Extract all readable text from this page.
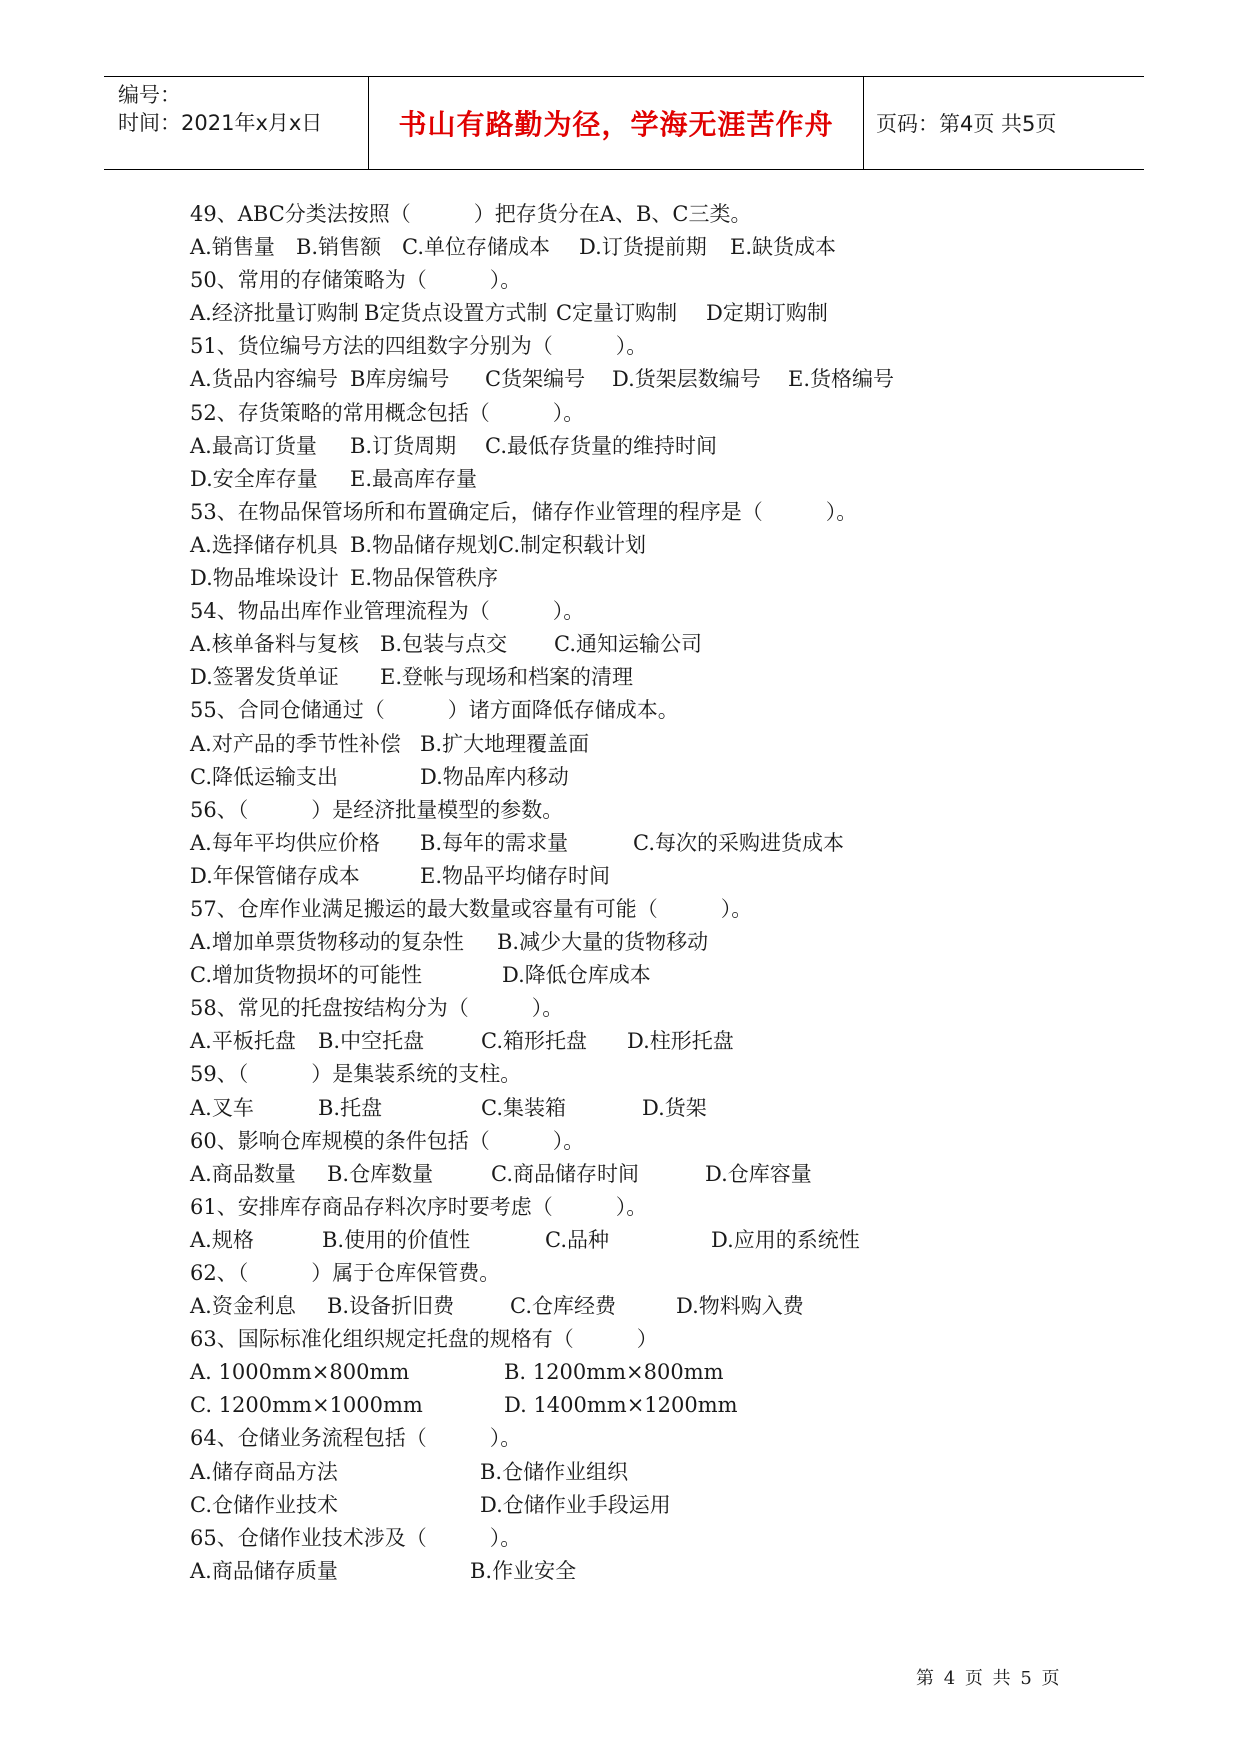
编号：
时间：2021年x月x日	书山有路勤为径，学海无涯苦作舟 页码：第4页 共5页
49、ABC分类法按照（　　　）把存货分在A、B、C三类。
A.销售量 B.销售额 C.单位存储成本 D.订货提前期 E.缺货成本
50、常用的存储策略为（　　　）。
A.经济批量订购制 B定货点设置方式制 C定量订购制 D定期订购制
51、货位编号方法的四组数字分别为（　　　）。
A.货品内容编号 B库房编号 C货架编号 D.货架层数编号 E.货格编号
52、存货策略的常用概念包括（　　　）。
A.最高订货量 B.订货周期 C.最低存货量的维持时间
D.安全库存量 E.最高库存量
53、在物品保管场所和布置确定后，储存作业管理的程序是（　　　）。
A.选择储存机具 B.物品储存规划 C.制定积载计划
D.物品堆垛设计 E.物品保管秩序
54、物品出库作业管理流程为（　　　）。
A.核单备料与复核 B.包装与点交 C.通知运输公司
D.签署发货单证 E.登帐与现场和档案的清理
55、合同仓储通过（　　　）诸方面降低存储成本。
A.对产品的季节性补偿 B.扩大地理覆盖面
C.降低运输支出	D.物品库内移动
56、（　　　）是经济批量模型的参数。
A.每年平均供应价格 B.每年的需求量	C.每次的采购进货成本
D.年保管储存成本	E.物品平均储存时间
57、仓库作业满足搬运的最大数量或容量有可能（　　　）。
A.增加单票货物移动的复杂性 B.减少大量的货物移动
C.增加货物损坏的可能性	D.降低仓库成本
58、常见的托盘按结构分为（　　　）。
A.平板托盘 B.中空托盘	C.箱形托盘 D.柱形托盘
59、（　　　）是集装系统的支柱。
A.叉车	B.托盘	C.集装箱	D.货架
60、影响仓库规模的条件包括（　　　）。
A.商品数量 B.仓库数量	C.商品储存时间	D.仓库容量
61、安排库存商品存料次序时要考虑（　　　）。
A.规格	B.使用的价值性	C.品种	D.应用的系统性
62、（　　　）属于仓库保管费。
A.资金利息 B.设备折旧费	C.仓库经费	D.物料购入费
63、国际标准化组织规定托盘的规格有（　　　）
A. 1000mm×800mm	B. 1200mm×800mm
C. 1200mm×1000mm	D. 1400mm×1200mm
64、仓储业务流程包括（　　　）。
A.储存商品方法	B.仓储作业组织
C.仓储作业技术	D.仓储作业手段运用
65、仓储作业技术涉及（　　　）。
A.商品储存质量	B.作业安全
第 4 页 共 5 页
